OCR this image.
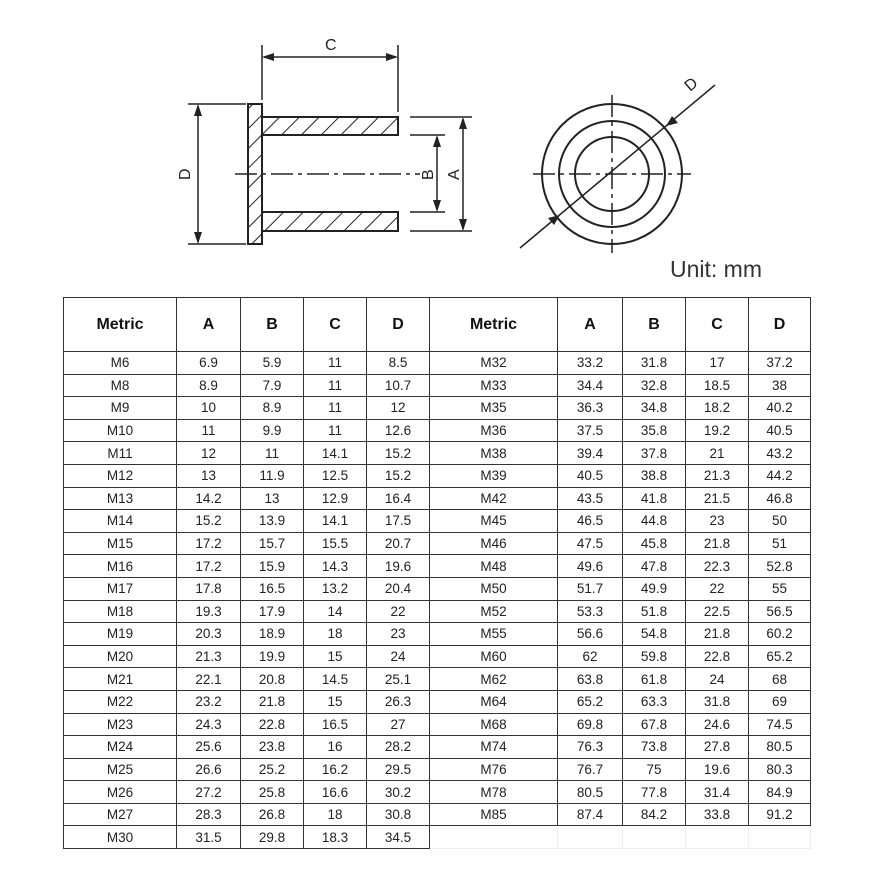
C
D	B A
D
Unit: mm
Metric	A	B	C	D	Metric	A	B	C	D
M6	6.9	5.9	11	8.5	M32	33.2	31.8	17	37.2
M8	8.9	7.9	11	10.7	M33	34.4	32.8	18.5	38
M9	10	8.9	11	12	M35	36.3	34.8	18.2	40.2
M10	11	9.9	11	12.6	M36	37.5	35.8	19.2	40.5
M11	12	11	14.1	15.2	M38	39.4	37.8	21	43.2
M12	13	11.9	12.5	15.2	M39	40.5	38.8	21.3	44.2
M13	14.2	13	12.9	16.4	M42	43.5	41.8	21.5	46.8
M14	15.2	13.9	14.1	17.5	M45	46.5	44.8	23	50
M15	17.2	15.7	15.5	20.7	M46	47.5	45.8	21.8	51
M16	17.2	15.9	14.3	19.6	M48	49.6	47.8	22.3	52.8
M17	17.8	16.5	13.2	20.4	M50	51.7	49.9	22	55
M18	19.3	17.9	14	22	M52	53.3	51.8	22.5	56.5
M19	20.3	18.9	18	23	M55	56.6	54.8	21.8	60.2
M20	21.3	19.9	15	24	M60	62	59.8	22.8	65.2
M21	22.1	20.8	14.5	25.1	M62	63.8	61.8	24	68
M22	23.2	21.8	15	26.3	M64	65.2	63.3	31.8	69
M23	24.3	22.8	16.5	27	M68	69.8	67.8	24.6	74.5
M24	25.6	23.8	16	28.2	M74	76.3	73.8	27.8	80.5
M25	26.6	25.2	16.2	29.5	M76	76.7	75	19.6	80.3
M26	27.2	25.8	16.6	30.2	M78	80.5	77.8	31.4	84.9
M27	28.3	26.8	18	30.8	M85	87.4	84.2	33.8	91.2
M30	31.5	29.8	18.3	34.5					
